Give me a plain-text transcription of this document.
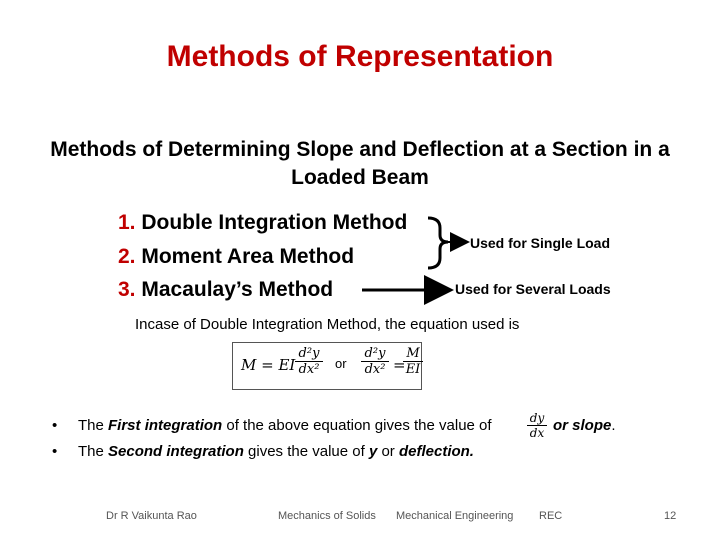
Methods of Representation
Methods of Determining Slope and Deflection at a Section in a Loaded Beam
1. Double Integration Method
2. Moment Area Method
3. Macaulay’s Method
Used for Single Load
Used for Several Loads
Incase of Double Integration Method, the equation used is
M = EI $\frac{\text{d²y}}{\text{dx²}}$ or $\frac{\text{d²y}}{\text{dx²}}$ =
$\frac{M}{EI}$
• The First integration of the above equation gives the value of	$\frac{dy}{dx}$ or slope.
• The Second integration gives the value of y or deflection.
Dr R Vaikunta Rao	Mechanics of Solids Mechanical Engineering REC	12
